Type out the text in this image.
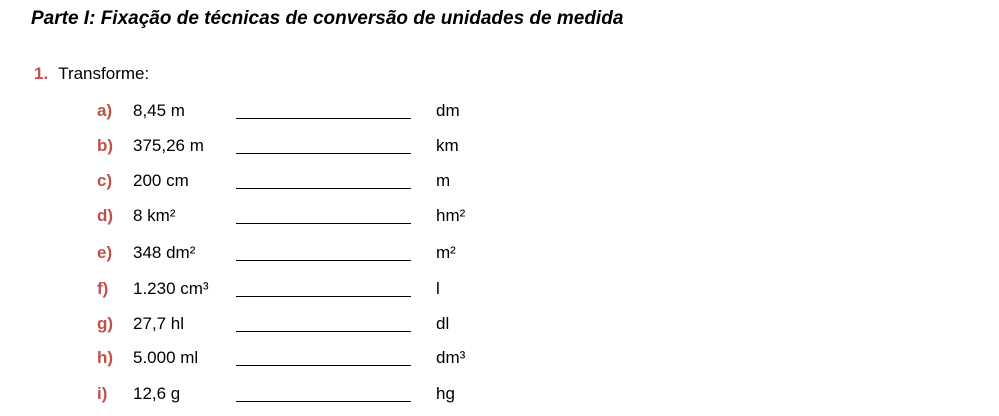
Parte I: Fixação de técnicas de conversão de unidades de medida
1. Transforme:
a) 8,45 m	dm
b) 375,26 m	km
c) 200 cm	m
d) 8 km²	hm²
e) 348 dm²	m²
f) 1.230 cm³	l
g) 27,7 hl	dl
h) 5.000 ml	dm³
i) 12,6 g	hg
